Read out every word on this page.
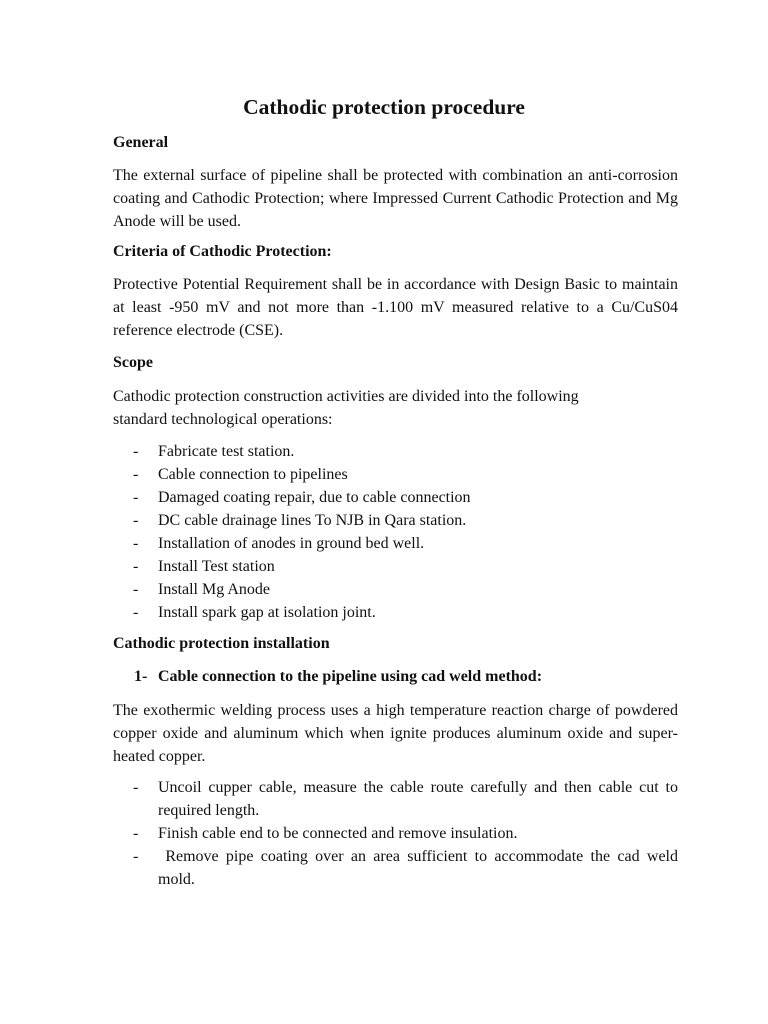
Cathodic protection procedure
General

The external surface of pipeline shall be protected with combination an anti-corrosion coating and Cathodic Protection; where Impressed Current Cathodic Protection and Mg Anode will be used.

Criteria of Cathodic Protection:

Protective Potential Requirement shall be in accordance with Design Basic to maintain at least -950 mV and not more than -1.100 mV measured relative to a Cu/CuS04 reference electrode (CSE).

Scope

Cathodic protection construction activities are divided into the following standard technological operations:

- Fabricate test station.
- Cable connection to pipelines
- Damaged coating repair, due to cable connection
- DC cable drainage lines To NJB in Qara station.
- Installation of anodes in ground bed well.
- Install Test station
- Install Mg Anode
- Install spark gap at isolation joint.
Cathodic protection installation
1- Cable connection to the pipeline using cad weld method:

The exothermic welding process uses a high temperature reaction charge of powdered copper oxide and aluminum which when ignite produces aluminum oxide and super-heated copper.

- Uncoil cupper cable, measure the cable route carefully and then cable cut to required length.
- Finish cable end to be connected and remove insulation.
- Remove pipe coating over an area sufficient to accommodate the cad weld mold.
